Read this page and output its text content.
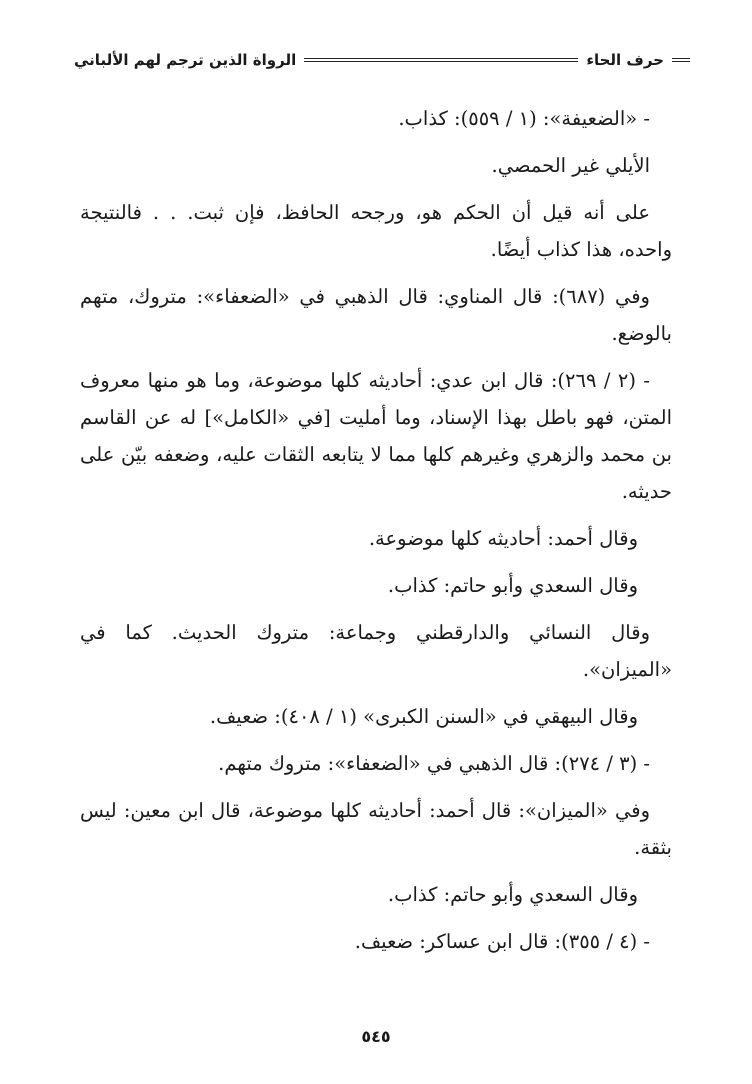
حرف الحاء
الرواة الذين ترجم لهم الألباني

- «الضعيفة»: (١ / ٥٥٩): كذاب.

الأيلي غير الحمصي.

على أنه قيل أن الحكم هو، ورجحه الحافظ، فإن ثبت. . . فالنتيجة واحده، هذا كذاب أيضًا.

وفي (٦٨٧): قال المناوي: قال الذهبي في «الضعفاء»: متروك، متهم بالوضع.

- (٢ / ٢٦٩): قال ابن عدي: أحاديثه كلها موضوعة، وما هو منها معروف المتن، فهو باطل بهذا الإسناد، وما أمليت [في «الكامل»] له عن القاسم بن محمد والزهري وغيرهم كلها مما لا يتابعه الثقات عليه، وضعفه بيّن على حديثه.

وقال أحمد: أحاديثه كلها موضوعة.

وقال السعدي وأبو حاتم: كذاب.

وقال النسائي والدارقطني وجماعة: متروك الحديث. كما في «الميزان».

وقال البيهقي في «السنن الكبرى» (١ / ٤٠٨): ضعيف.

- (٣ / ٢٧٤): قال الذهبي في «الضعفاء»: متروك متهم.

وفي «الميزان»: قال أحمد: أحاديثه كلها موضوعة، قال ابن معين: ليس بثقة.

وقال السعدي وأبو حاتم: كذاب.

- (٤ / ٣٥٥): قال ابن عساكر: ضعيف.

٥٤٥
